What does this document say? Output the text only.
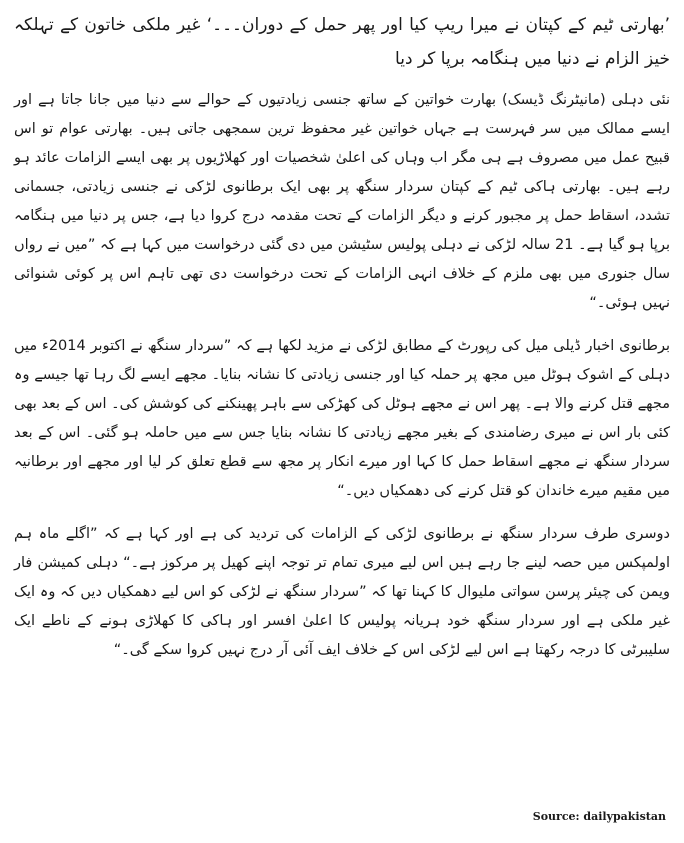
’بھارتی ٹیم کے کپتان نے میرا ریپ کیا اور پھر حمل کے دوران۔۔۔‘ غیر ملکی خاتون کے تہلکہ خیز الزام نے دنیا میں ہنگامہ برپا کر دیا

نئی دہلی (مانیٹرنگ ڈیسک) بھارت خواتین کے ساتھ جنسی زیادتیوں کے حوالے سے دنیا میں جانا جاتا ہے اور ایسے ممالک میں سر فہرست ہے جہاں خواتین غیر محفوظ ترین سمجھی جاتی ہیں۔ بھارتی عوام تو اس قبیح عمل میں مصروف ہے ہی مگر اب وہاں کی اعلیٰ شخصیات اور کھلاڑیوں پر بھی ایسے الزامات عائد ہو رہے ہیں۔ بھارتی ہاکی ٹیم کے کپتان سردار سنگھ پر بھی ایک برطانوی لڑکی نے جنسی زیادتی، جسمانی تشدد، اسقاط حمل پر مجبور کرنے و دیگر الزامات کے تحت مقدمہ درج کروا دیا ہے، جس پر دنیا میں ہنگامہ برپا ہو گیا ہے۔ 21 سالہ لڑکی نے دہلی پولیس سٹیشن میں دی گئی درخواست میں کہا ہے کہ ”میں نے رواں سال جنوری میں بھی ملزم کے خلاف انہی الزامات کے تحت درخواست دی تھی تاہم اس پر کوئی شنوائی نہیں ہوئی۔“

برطانوی اخبار ڈیلی میل کی رپورٹ کے مطابق لڑکی نے مزید لکھا ہے کہ ”سردار سنگھ نے اکتوبر 2014ء میں دہلی کے اشوک ہوٹل میں مجھ پر حملہ کیا اور جنسی زیادتی کا نشانہ بنایا۔ مجھے ایسے لگ رہا تھا جیسے وہ مجھے قتل کرنے والا ہے۔ پھر اس نے مجھے ہوٹل کی کھڑکی سے باہر پھینکنے کی کوشش کی۔ اس کے بعد بھی کئی بار اس نے میری رضامندی کے بغیر مجھے زیادتی کا نشانہ بنایا جس سے میں حاملہ ہو گئی۔ اس کے بعد سردار سنگھ نے مجھے اسقاط حمل کا کہا اور میرے انکار پر مجھ سے قطع تعلق کر لیا اور مجھے اور برطانیہ میں مقیم میرے خاندان کو قتل کرنے کی دھمکیاں دیں۔“

دوسری طرف سردار سنگھ نے برطانوی لڑکی کے الزامات کی تردید کی ہے اور کہا ہے کہ ”اگلے ماہ ہم اولمپکس میں حصہ لینے جا رہے ہیں اس لیے میری تمام تر توجہ اپنے کھیل پر مرکوز ہے۔“ دہلی کمیشن فار ویمن کی چیئر پرسن سواتی ملیوال کا کہنا تھا کہ ”سردار سنگھ نے لڑکی کو اس لیے دھمکیاں دیں کہ وہ ایک غیر ملکی ہے اور سردار سنگھ خود ہریانہ پولیس کا اعلیٰ افسر اور ہاکی کا کھلاڑی ہونے کے ناطے ایک سلیبرٹی کا درجہ رکھتا ہے اس لیے لڑکی اس کے خلاف ایف آئی آر درج نہیں کروا سکے گی۔“

Source: dailypakistan
